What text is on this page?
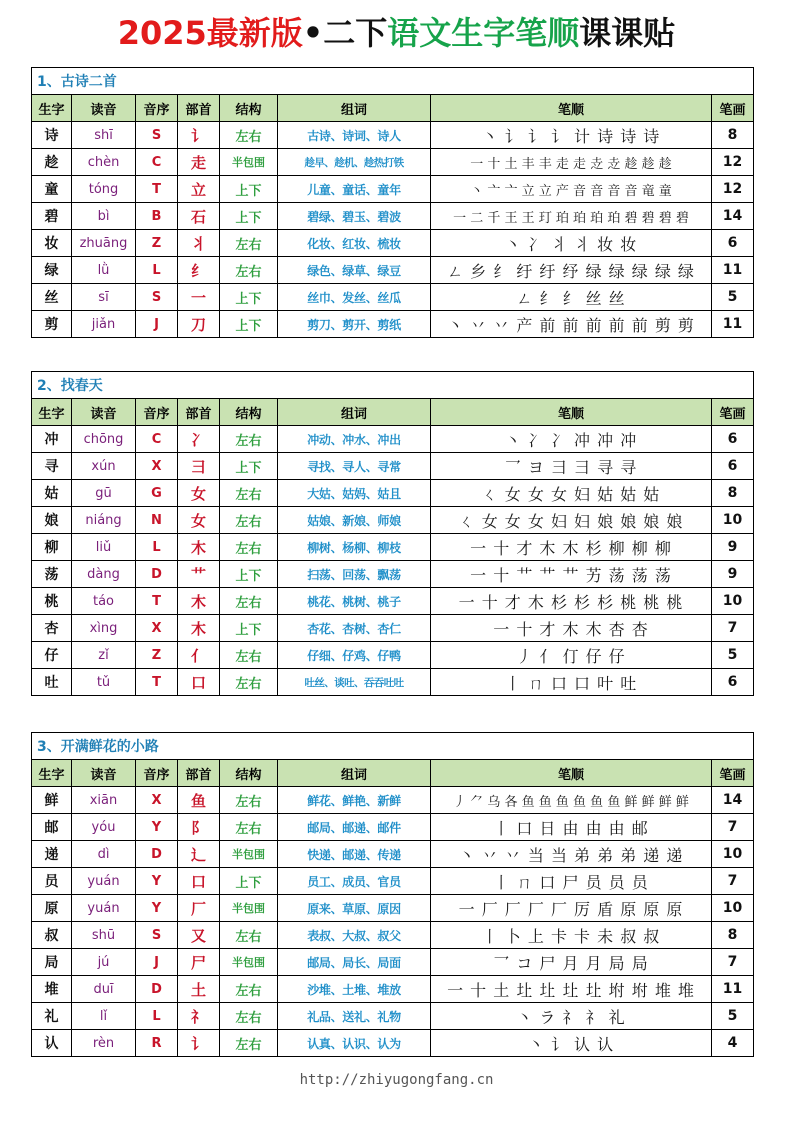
2025最新版•二下语文生字笔顺课课贴
1、古诗二首							
生字	读音	音序	部首	结构	组词	笔顺	笔画
诗	shī	S	讠	左右	古诗、诗词、诗人	丶 讠 讠 讠 计 诗 诗 诗	8
趁	chèn	C	走	半包围	趁早、趁机、趁热打铁	一 十 土 丰 丰 走 走 赱 赱 趁 趁 趁	12
童	tóng	T	立	上下	儿童、童话、童年	丶 亠 亠 立 立 产 音 音 音 音 竜 童	12
碧	bì	B	石	上下	碧绿、碧玉、碧波	一 二 千 王 王 玎 珀 珀 珀 珀 碧 碧 碧 碧	14
妆	zhuāng	Z	丬	左右	化妆、红妆、梳妆	丶 冫 丬 丬 妆 妆	6
绿	lǜ	L	纟	左右	绿色、绿草、绿豆	ㄥ 乡 纟 纡 纡 纾 绿 绿 绿 绿 绿	11
丝	sī	S	一	上下	丝巾、发丝、丝瓜	ㄥ 纟 纟 丝 丝	5
剪	jiǎn	J	刀	上下	剪刀、剪开、剪纸	丶 丷 丷 产 前 前 前 前 前 剪 剪	11
2、找春天							
生字	读音	音序	部首	结构	组词	笔顺	笔画
冲	chōng	C	冫	左右	冲动、冲水、冲出	丶 冫 冫 冲 冲 冲	6
寻	xún	X	彐	上下	寻找、寻人、寻常	乛 ヨ 彐 ⺕ 寻 寻	6
姑	gū	G	女	左右	大姑、姑妈、姑且	ㄑ 女 女 女 妇 姑 姑 姑	8
娘	niáng	N	女	左右	姑娘、新娘、师娘	ㄑ 女 女 女 妇 妇 娘 娘 娘 娘	10
柳	liǔ	L	木	左右	柳树、杨柳、柳枝	一 十 才 木 木 杉 柳 柳 柳	9
荡	dàng	D	艹	上下	扫荡、回荡、飘荡	一 十 艹 艹 艹 艻 荡 荡 荡	9
桃	táo	T	木	左右	桃花、桃树、桃子	一 十 才 木 杉 杉 杉 桃 桃 桃	10
杏	xìng	X	木	上下	杏花、杏树、杏仁	一 十 才 木 木 杏 杏	7
仔	zǐ	Z	亻	左右	仔细、仔鸡、仔鸭	丿 亻 仃 仔 仔	5
吐	tǔ	T	口	左右	吐丝、谈吐、吞吞吐吐	丨 ㄇ 口 口 叶 吐	6
3、开满鲜花的小路							
生字	读音	音序	部首	结构	组词	笔顺	笔画
鲜	xiān	X	鱼	左右	鲜花、鲜艳、新鲜	丿 ⺈ 乌 各 鱼 鱼 鱼 鱼 鱼 鱼 鲜 鲜 鲜 鲜	14
邮	yóu	Y	阝	左右	邮局、邮递、邮件	丨 口 日 由 由 由 邮	7
递	dì	D	辶	半包围	快递、邮递、传递	丶 丷 丷 当 当 弟 弟 弟 递 递	10
员	yuán	Y	口	上下	员工、成员、官员	丨 ㄇ 口 尸 员 员 员	7
原	yuán	Y	厂	半包围	原来、草原、原因	一 厂 厂 厂 厂 厉 盾 原 原 原	10
叔	shū	S	又	左右	表叔、大叔、叔父	丨 卜 上 卡 卡 未 叔 叔	8
局	jú	J	尸	半包围	邮局、局长、局面	乛 コ 尸 月 月 局 局	7
堆	duī	D	土	左右	沙堆、土堆、堆放	一 十 土 圵 圵 圵 圵 坿 坿 堆 堆	11
礼	lǐ	L	礻	左右	礼品、送礼、礼物	丶 ラ 礻 礻 礼	5
认	rèn	R	讠	左右	认真、认识、认为	丶 讠 认 认	4
http://zhiyugongfang.cn
